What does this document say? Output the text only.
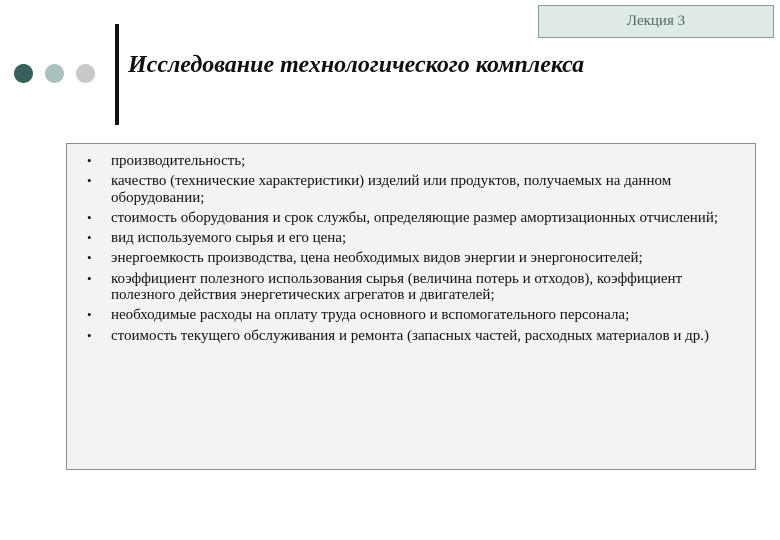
Лекция 3
Исследование технологического комплекса
• производительность;
• качество (технические характеристики) изделий или продуктов, получаемых на данном оборудовании;
• стоимость оборудования и срок службы, определяющие размер амортизационных отчислений;
• вид используемого сырья и его цена;
• энергоемкость производства, цена необходимых видов энергии и энергоносителей;
• коэффициент полезного использования сырья (величина потерь и отходов), коэффициент полезного действия энергетических агрегатов и двигателей;
• необходимые расходы на оплату труда основного и вспомогательного персонала;
• стоимость текущего обслуживания и ремонта (запасных частей, расходных материалов и др.)
